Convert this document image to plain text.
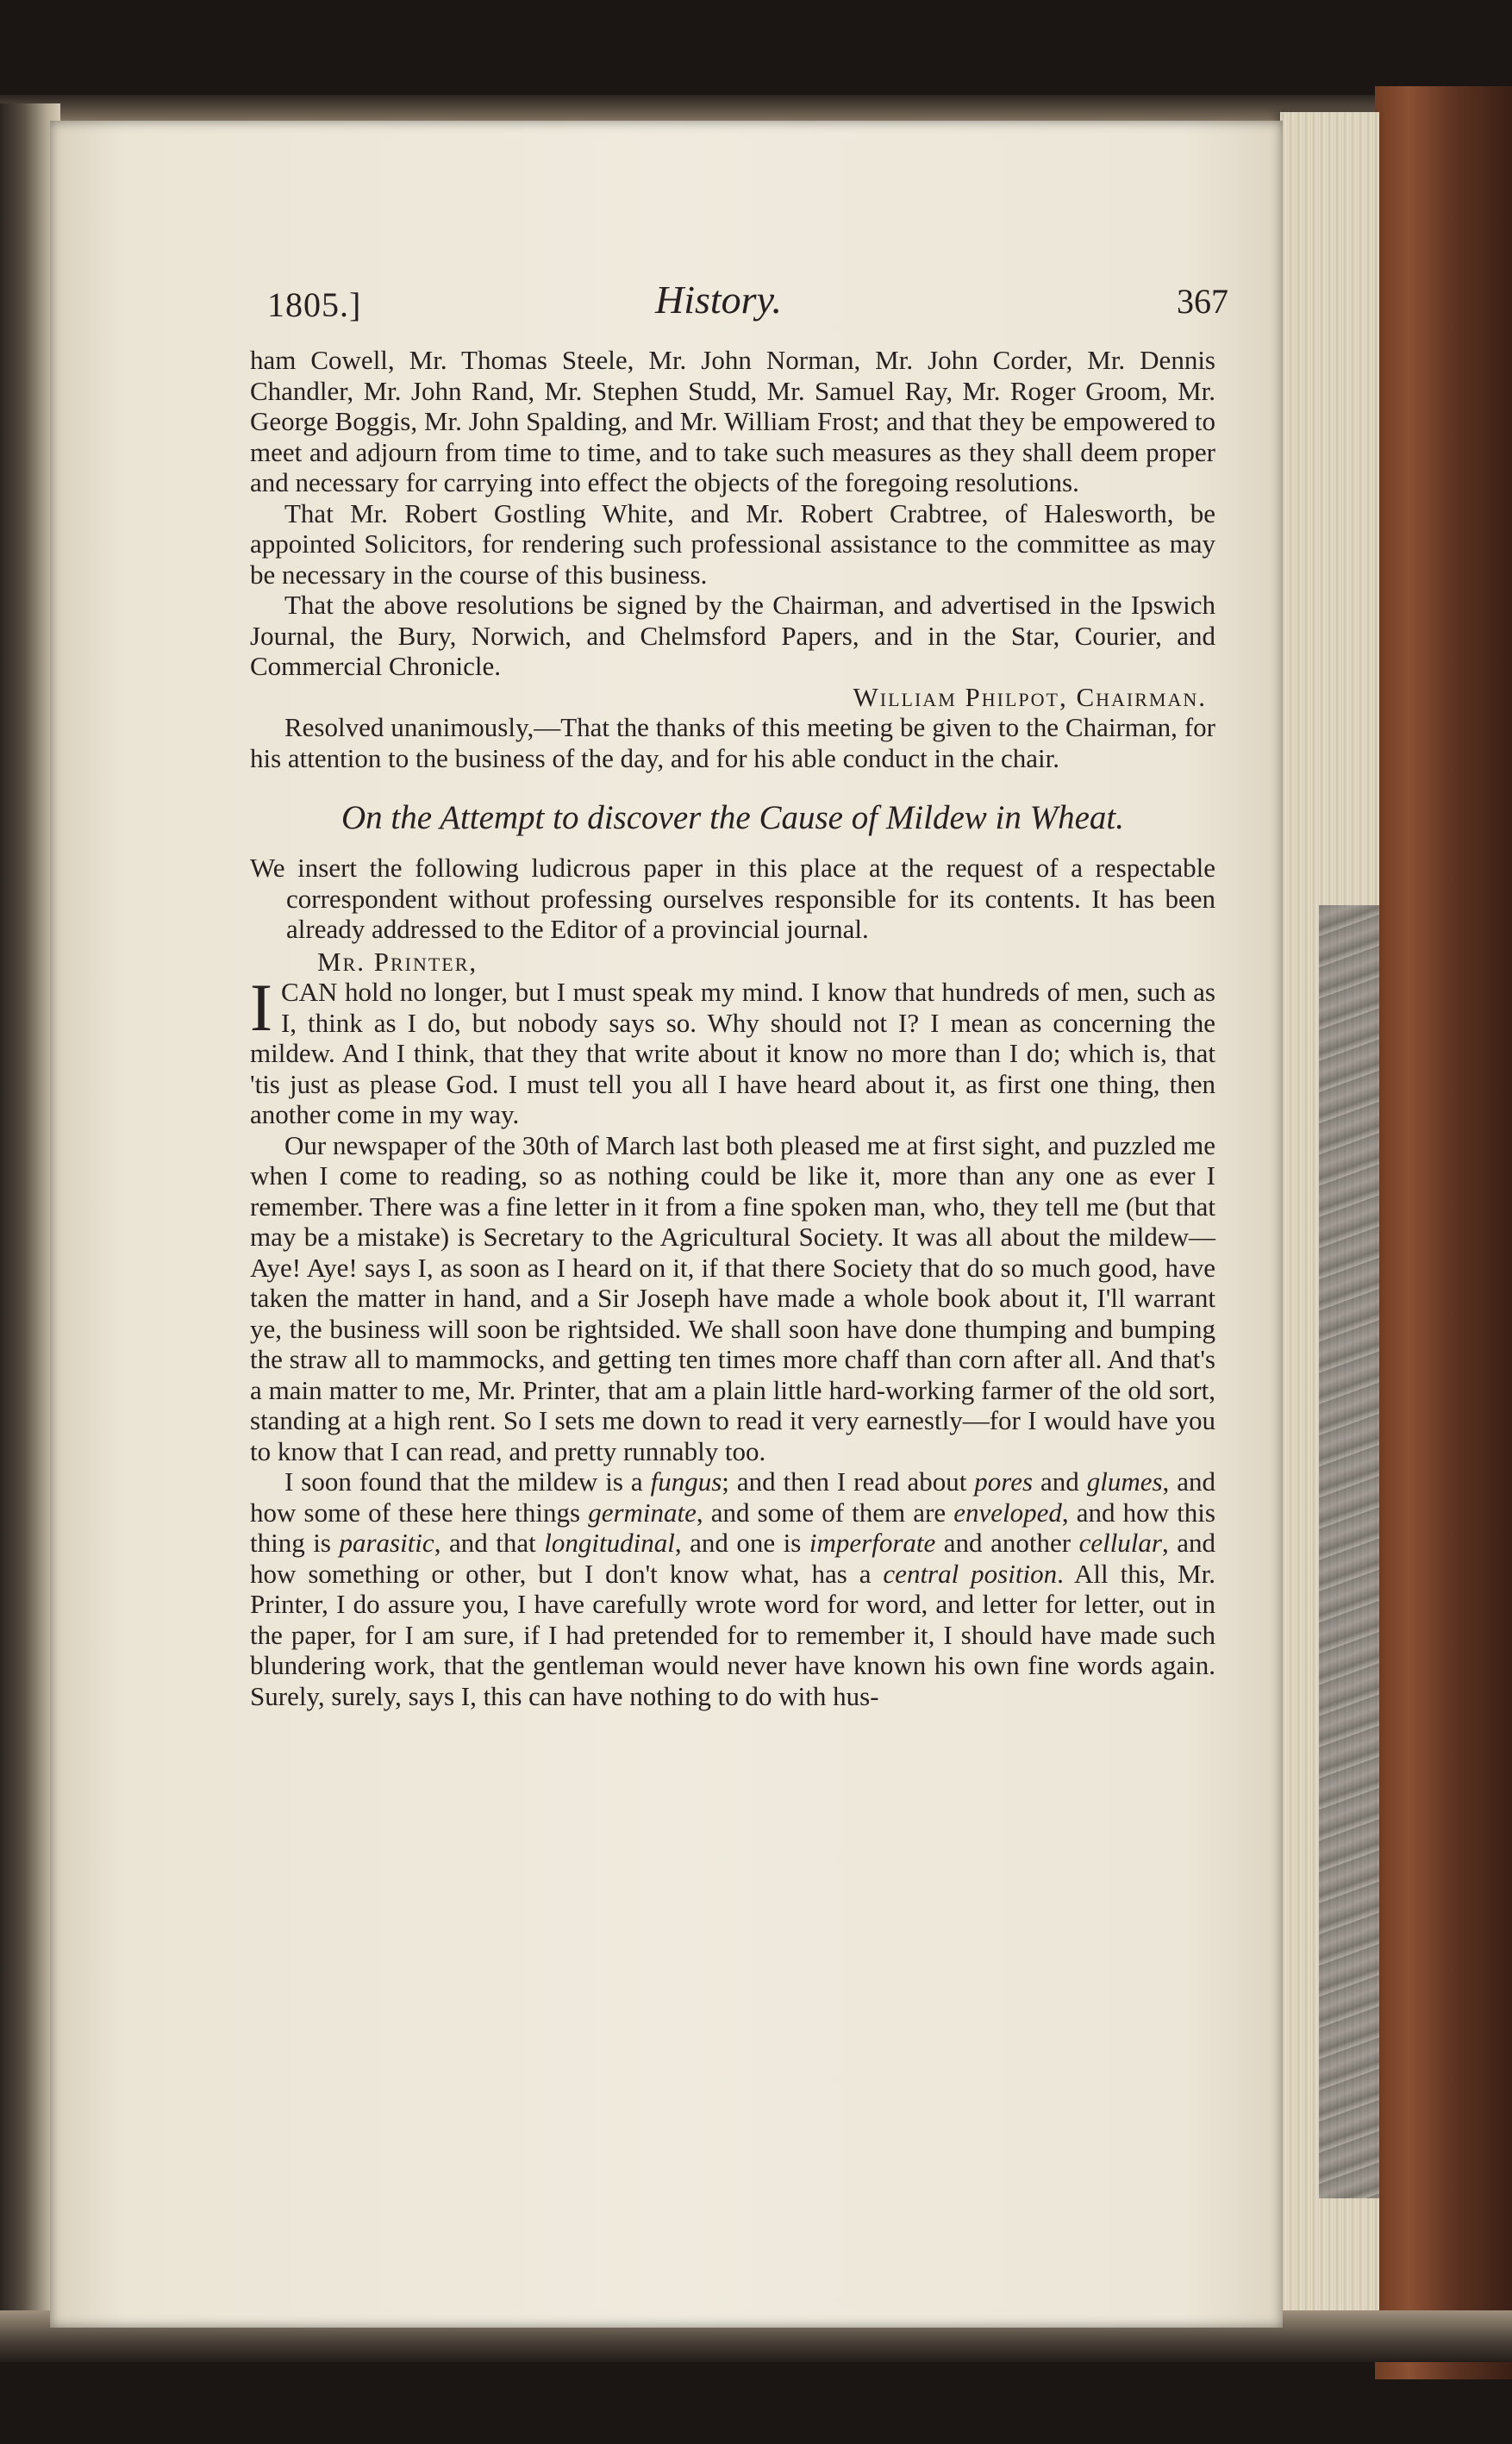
1805.]	History.	367

ham Cowell, Mr. Thomas Steele, Mr. John Norman, Mr. John Corder, Mr. Dennis Chandler, Mr. John Rand, Mr. Stephen Studd, Mr. Samuel Ray, Mr. Roger Groom, Mr. George Boggis, Mr. John Spalding, and Mr. William Frost; and that they be empowered to meet and adjourn from time to time, and to take such measures as they shall deem proper and necessary for carrying into effect the objects of the foregoing resolutions.

That Mr. Robert Gostling White, and Mr. Robert Crabtree, of Halesworth, be appointed Solicitors, for rendering such professional assistance to the committee as may be necessary in the course of this business.

That the above resolutions be signed by the Chairman, and advertised in the Ipswich Journal, the Bury, Norwich, and Chelmsford Papers, and in the Star, Courier, and Commercial Chronicle.

William Philpot, Chairman.

Resolved unanimously,—That the thanks of this meeting be given to the Chairman, for his attention to the business of the day, and for his able conduct in the chair.

On the Attempt to discover the Cause of Mildew in Wheat.

We insert the following ludicrous paper in this place at the request of a respectable correspondent without professing ourselves responsible for its contents. It has been already addressed to the Editor of a provincial journal.

Mr. Printer,

ICAN hold no longer, but I must speak my mind. I know that hundreds of men, such as I, think as I do, but nobody says so. Why should not I? I mean as concerning the mildew. And I think, that they that write about it know no more than I do; which is, that 'tis just as please God. I must tell you all I have heard about it, as first one thing, then another come in my way.

Our newspaper of the 30th of March last both pleased me at first sight, and puzzled me when I come to reading, so as nothing could be like it, more than any one as ever I remember. There was a fine letter in it from a fine spoken man, who, they tell me (but that may be a mistake) is Secretary to the Agricultural Society. It was all about the mildew—Aye! Aye! says I, as soon as I heard on it, if that there Society that do so much good, have taken the matter in hand, and a Sir Joseph have made a whole book about it, I'll warrant ye, the business will soon be rightsided. We shall soon have done thumping and bumping the straw all to mammocks, and getting ten times more chaff than corn after all. And that's a main matter to me, Mr. Printer, that am a plain little hard-working farmer of the old sort, standing at a high rent. So I sets me down to read it very earnestly—for I would have you to know that I can read, and pretty runnably too.

I soon found that the mildew is a fungus; and then I read about pores and glumes, and how some of these here things germinate, and some of them are enveloped, and how this thing is parasitic, and that longitudinal, and one is imperforate and another cellular, and how something or other, but I don't know what, has a central position. All this, Mr. Printer, I do assure you, I have carefully wrote word for word, and letter for letter, out in the paper, for I am sure, if I had pretended for to remember it, I should have made such blundering work, that the gentleman would never have known his own fine words again. Surely, surely, says I, this can have nothing to do with hus-
